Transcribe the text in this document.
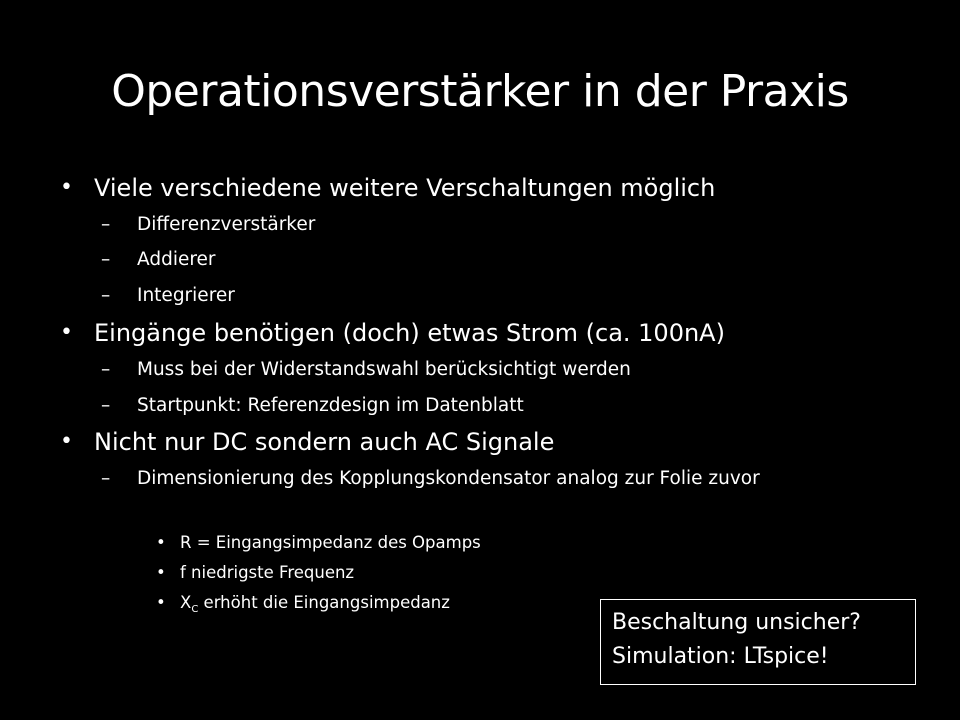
Operationsverstärker in der Praxis
• Viele verschiedene weitere Verschaltungen möglich
– Differenzverstärker
– Addierer
– Integrierer
• Eingänge benötigen (doch) etwas Strom (ca. 100nA)
– Muss bei der Widerstandswahl berücksichtigt werden
– Startpunkt: Referenzdesign im Datenblatt
• Nicht nur DC sondern auch AC Signale
– Dimensionierung des Kopplungskondensator analog zur Folie zuvor
• R = Eingangsimpedanz des Opamps
• f niedrigste Frequenz
• $X_C$ erhöht die Eingangsimpedanz
Beschaltung unsicher?
Simulation: LTspice!
